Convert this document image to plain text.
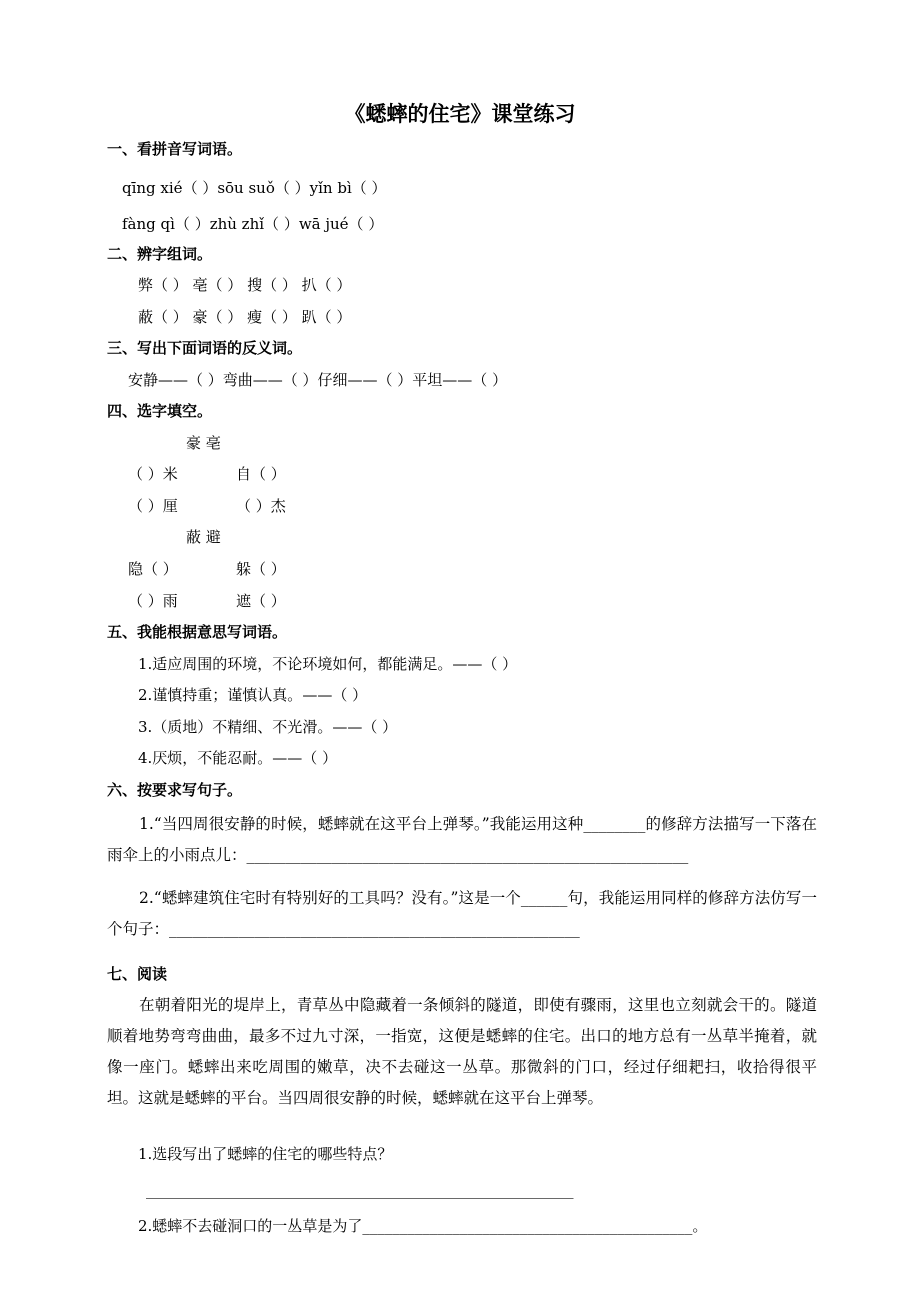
《蟋蟀的住宅》课堂练习
一、看拼音写词语。
qīng xié（ ）sōu suǒ（ ）yǐn bì（ ）
fàng qì（ ）zhù zhǐ（ ）wā jué（ ）
二、辨字组词。
弊（ ） 亳（ ） 搜（ ） 扒（ ）
蔽（ ） 豪（ ） 瘦（ ） 趴（ ）
三、写出下面词语的反义词。
安静——（ ）弯曲——（ ）仔细——（ ）平坦——（ ）
四、选字填空。
豪 亳
（ ）米	自（ ）
（ ）厘	（ ）杰
蔽 避
隐（ ）	躲（ ）
（ ）雨	遮（ ）
五、我能根据意思写词语。
1.适应周围的环境，不论环境如何，都能满足。——（ ）
2.谨慎持重；谨慎认真。——（ ）
3.（质地）不精细、不光滑。——（ ）
4.厌烦，不能忍耐。——（ ）
六、按要求写句子。
1.“当四周很安静的时候，蟋蟀就在这平台上弹琴。”我能运用这种________的修辞方法描写一下落在雨伞上的小雨点儿：_________________________________________________________
2.“蟋蟀建筑住宅时有特别好的工具吗？没有。”这是一个______句，我能运用同样的修辞方法仿写一个句子：_____________________________________________________
七、阅读
在朝着阳光的堤岸上，青草丛中隐藏着一条倾斜的隧道，即使有骤雨，这里也立刻就会干的。隧道顺着地势弯弯曲曲，最多不过九寸深，一指宽，这便是蟋蟀的住宅。出口的地方总有一丛草半掩着，就像一座门。蟋蟀出来吃周围的嫩草，决不去碰这一丛草。那微斜的门口，经过仔细耙扫，收拾得很平坦。这就是蟋蟀的平台。当四周很安静的时候，蟋蟀就在这平台上弹琴。
1.选段写出了蟋蟀的住宅的哪些特点？
_________________________________________________________
2.蟋蟀不去碰洞口的一丛草是为了____________________________________________。
